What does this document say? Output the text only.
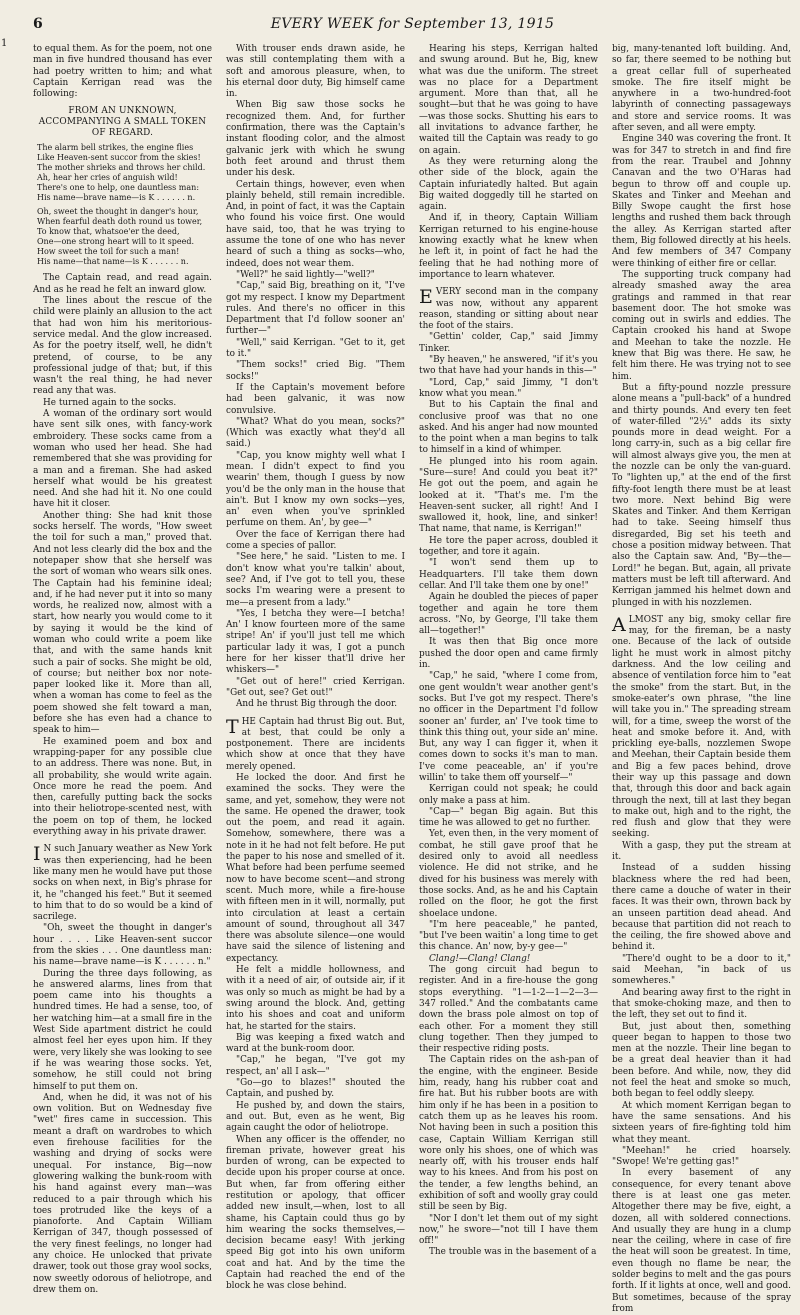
1
6	EVERY WEEK for September 13, 1915

to equal them. As for the poem, not one man in five hundred thousand has ever had poetry written to him; and what Captain Kerrigan read was the following:

FROM AN UNKNOWN, ACCOMPANYING A SMALL TOKEN OF REGARD.
The alarm bell strikes, the engine flies
Like Heaven-sent succor from the skies!
The mother shrieks and throws her child.
Ah, hear her cries of anguish wild!
There's one to help, one dauntless man:
His name—brave name—is K . . . . . . n.
Oh, sweet the thought in danger's hour,
When fearful death doth round us tower,
To know that, whatsoe'er the deed,
One—one strong heart will to it speed.
How sweet the toil for such a man!
His name—that name—is K . . . . . . n.

The Captain read, and read again. And as he read he felt an inward glow.

The lines about the rescue of the child were plainly an allusion to the act that had won him his meritorious-service medal. And the glow increased. As for the poetry itself, well, he didn't pretend, of course, to be any professional judge of that; but, if this wasn't the real thing, he had never read any that was.

He turned again to the socks.

A woman of the ordinary sort would have sent silk ones, with fancy-work embroidery. These socks came from a woman who used her head. She had remembered that she was providing for a man and a fireman. She had asked herself what would be his greatest need. And she had hit it. No one could have hit it closer.

Another thing: She had knit those socks herself. The words, "How sweet the toil for such a man," proved that. And not less clearly did the box and the notepaper show that she herself was the sort of woman who wears silk ones. The Captain had his feminine ideal; and, if he had never put it into so many words, he realized now, almost with a start, how nearly you would come to it by saying it would be the kind of woman who could write a poem like that, and with the same hands knit such a pair of socks. She might be old, of course; but neither box nor note-paper looked like it. More than all, when a woman has come to feel as the poem showed she felt toward a man, before she has even had a chance to speak to him—

He examined poem and box and wrapping-paper for any possible clue to an address. There was none. But, in all probability, she would write again. Once more he read the poem. And then, carefully putting back the socks into their heliotrope-scented nest, with the poem on top of them, he locked everything away in his private drawer.

I N such January weather as New York was then experiencing, had he been like many men he would have put those socks on when next, in Big's phrase for it, he "changed his feet." But it seemed to him that to do so would be a kind of sacrilege.

"Oh, sweet the thought in danger's hour . . . . Like Heaven-sent succor from the skies . . . One dauntless man: his name—brave name—is K . . . . . . n."

During the three days following, as he answered alarms, lines from that poem came into his thoughts a hundred times. He had a sense, too, of her watching him—at a small fire in the West Side apartment district he could almost feel her eyes upon him. If they were, very likely she was looking to see if he was wearing those socks. Yet, somehow, he still could not bring himself to put them on.

And, when he did, it was not of his own volition. But on Wednesday five "wet" fires came in succession. This meant a draft on wardrobes to which even firehouse facilities for the washing and drying of socks were unequal. For instance, Big—now glowering walking the bunk-room with his hand against every man—was reduced to a pair through which his toes protruded like the keys of a pianoforte. And Captain William Kerrigan of 347, though possessed of the very finest feelings, no longer had any choice. He unlocked that private drawer, took out those gray wool socks, now sweetly odorous of heliotrope, and drew them on.

With trouser ends drawn aside, he was still contemplating them with a soft and amorous pleasure, when, to his eternal door duty, Big himself came in.

When Big saw those socks he recognized them. And, for further confirmation, there was the Captain's instant flooding color, and the almost galvanic jerk with which he swung both feet around and thrust them under his desk.

Certain things, however, even when plainly beheld, still remain incredible. And, in point of fact, it was the Captain who found his voice first. One would have said, too, that he was trying to assume the tone of one who has never heard of such a thing as socks—who, indeed, does not wear them.

"Well?" he said lightly—"well?"

"Cap," said Big, breathing on it, "I've got my respect. I know my Department rules. And there's no officer in this Department that I'd follow sooner an' further—"

"Well," said Kerrigan. "Get to it, get to it."

"Them socks!" cried Big. "Them socks!"

If the Captain's movement before had been galvanic, it was now convulsive.

"What? What do you mean, socks?" (Which was exactly what they'd all said.)

"Cap, you know mighty well what I mean. I didn't expect to find you wearin' them, though I guess by now you'd be the only man in the house that ain't. But I know my own socks—yes, an' even when you've sprinkled perfume on them. An', by gee—"

Over the face of Kerrigan there had come a species of pallor.

"See here," he said. "Listen to me. I don't know what you're talkin' about, see? And, if I've got to tell you, these socks I'm wearing were a present to me—a present from a lady."

"Yes, I betcha they were—I betcha! An' I know fourteen more of the same stripe! An' if you'll just tell me which particular lady it was, I got a punch here for her kisser that'll drive her whiskers—"

"Get out of here!" cried Kerrigan. "Get out, see? Get out!"

And he thrust Big through the door.

THE Captain had thrust Big out. But, at best, that could be only a postponement. There are incidents which show at once that they have merely opened.

He locked the door. And first he examined the socks. They were the same, and yet, somehow, they were not the same. He opened the drawer, took out the poem, and read it again. Somehow, somewhere, there was a note in it he had not felt before. He put the paper to his nose and smelled of it. What before had been perfume seemed now to have become scent—and strong scent. Much more, while a fire-house with fifteen men in it will, normally, put into circulation at least a certain amount of sound, throughout all 347 there was absolute silence—one would have said the silence of listening and expectancy.

He felt a middle hollowness, and with it a need of air, of outside air, if it was only so much as might be had by a swing around the block. And, getting into his shoes and coat and uniform hat, he started for the stairs.

Big was keeping a fixed watch and ward at the bunk-room door.

"Cap," he began, "I've got my respect, an' all I ask—"

"Go—go to blazes!" shouted the Captain, and pushed by.

He pushed by, and down the stairs, and out. But, even as he went, Big again caught the odor of heliotrope.

When any officer is the offender, no fireman private, however great his burden of wrong, can be expected to decide upon his proper course at once. But when, far from offering either restitution or apology, that officer added new insult,—when, lost to all shame, his Captain could thus go by him wearing the socks themselves,—decision became easy! With jerking speed Big got into his own uniform coat and hat. And by the time the Captain had reached the end of the block he was close behind.

Hearing his steps, Kerrigan halted and swung around. But he, Big, knew what was due the uniform. The street was no place for a Department argument. More than that, all he sought—but that he was going to have—was those socks. Shutting his ears to all invitations to advance farther, he waited till the Captain was ready to go on again.

As they were returning along the other side of the block, again the Captain infuriatedly halted. But again Big waited doggedly till he started on again.

And if, in theory, Captain William Kerrigan returned to his engine-house knowing exactly what he knew when he left it, in point of fact he had the feeling that he had nothing more of importance to learn whatever.

EVERY second man in the company was now, without any apparent reason, standing or sitting about near the foot of the stairs.

"Gettin' colder, Cap," said Jimmy Tinker.

"By heaven," he answered, "if it's you two that have had your hands in this—"

"Lord, Cap," said Jimmy, "I don't know what you mean."

But to his Captain the final and conclusive proof was that no one asked. And his anger had now mounted to the point when a man begins to talk to himself in a kind of whimper.

He plunged into his room again. "Sure—sure! And could you beat it?" He got out the poem, and again he looked at it. "That's me. I'm the Heaven-sent sucker, all right! And I swallowed it, hook, line, and sinker! That name, that name, is Kerrigan!"

He tore the paper across, doubled it together, and tore it again.

"I won't send them up to Headquarters. I'll take them down cellar. And I'll take them one by one!"

Again he doubled the pieces of paper together and again he tore them across. "No, by George, I'll take them all—together!"

It was then that Big once more pushed the door open and came firmly in.

"Cap," he said, "where I come from, one gent wouldn't wear another gent's socks. But I've got my respect. There's no officer in the Department I'd follow sooner an' furder, an' I've took time to think this thing out, your side an' mine. But, any way I can figger it, when it comes down to socks it's man to man. I've come peaceable, an' if you're willin' to take them off yourself—"

Kerrigan could not speak; he could only make a pass at him.

"Cap—" began Big again. But this time he was allowed to get no further.

Yet, even then, in the very moment of combat, he still gave proof that he desired only to avoid all needless violence. He did not strike, and he dived for his business was merely with those socks. And, as he and his Captain rolled on the floor, he got the first shoelace undone.

"I'm here peaceable," he panted, "but I've been waitin' a long time to get this chance. An' now, by-y gee—"

Clang!—Clang! Clang!

The gong circuit had begun to register. And in a fire-house the gong stops everything. "1—1-2—1—2—3—347 rolled." And the combatants came down the brass pole almost on top of each other. For a moment they still clung together. Then they jumped to their respective riding posts.

The Captain rides on the ash-pan of the engine, with the engineer. Beside him, ready, hang his rubber coat and fire hat. But his rubber boots are with him only if he has been in a position to catch them up as he leaves his room. Not having been in such a position this case, Captain William Kerrigan still wore only his shoes, one of which was nearly off, with his trouser ends half way to his knees. And from his post on the tender, a few lengths behind, an exhibition of soft and woolly gray could still be seen by Big.

"Nor I don't let them out of my sight now," he swore—"not till I have them off!"

The trouble was in the basement of a

big, many-tenanted loft building. And, so far, there seemed to be nothing but a great cellar full of superheated smoke. The fire itself might be anywhere in a two-hundred-foot labyrinth of connecting passageways and store and service rooms. It was after seven, and all were empty.

Engine 340 was covering the front. It was for 347 to stretch in and find fire from the rear. Traubel and Johnny Canavan and the two O'Haras had begun to throw off and couple up. Skates and Tinker and Meehan and Billy Swope caught the first hose lengths and rushed them back through the alley. As Kerrigan started after them, Big followed directly at his heels. And few members of 347 Company were thinking of either fire or cellar.

The supporting truck company had already smashed away the area gratings and rammed in that rear basement door. The hot smoke was coming out in swirls and eddies. The Captain crooked his hand at Swope and Meehan to take the nozzle. He knew that Big was there. He saw, he felt him there. He was trying not to see him.

But a fifty-pound nozzle pressure alone means a "pull-back" of a hundred and thirty pounds. And every ten feet of water-filled "2½" adds its sixty pounds more in dead weight. For a long carry-in, such as a big cellar fire will almost always give you, the men at the nozzle can be only the van-guard. To "lighten up," at the end of the first fifty-foot length there must be at least two more. Next behind Big were Skates and Tinker. And them Kerrigan had to take. Seeing himself thus disregarded, Big set his teeth and chose a position midway between. That also the Captain saw. And, "By—the—Lord!" he began. But, again, all private matters must be left till afterward. And Kerrigan jammed his helmet down and plunged in with his nozzlemen.

ALMOST any big, smoky cellar fire may, for the fireman, be a nasty one. Because of the lack of outside light he must work in almost pitchy darkness. And the low ceiling and absence of ventilation force him to "eat the smoke" from the start. But, in the smoke-eater's own phrase, "the line will take you in." The spreading stream will, for a time, sweep the worst of the heat and smoke before it. And, with prickling eye-balls, nozzlemen Swope and Meehan, their Captain beside them and Big a few paces behind, drove their way up this passage and down that, through this door and back again through the next, till at last they began to make out, high and to the right, the red flush and glow that they were seeking.

With a gasp, they put the stream at it.

Instead of a sudden hissing blackness where the red had been, there came a douche of water in their faces. It was their own, thrown back by an unseen partition dead ahead. And because that partition did not reach to the ceiling, the fire showed above and behind it.

"There'd ought to be a door to it," said Meehan, "in back of us somewheres."

And bearing away first to the right in that smoke-choking maze, and then to the left, they set out to find it.

But, just about then, something queer began to happen to those two men at the nozzle. Their line began to be a great deal heavier than it had been before. And while, now, they did not feel the heat and smoke so much, both began to feel oddly sleepy.

At which moment Kerrigan began to have the same sensations. And his sixteen years of fire-fighting told him what they meant.

"Meehan!" he cried hoarsely. "Swope! We're getting gas!"

In every basement of any consequence, for every tenant above there is at least one gas meter. Altogether there may be five, eight, a dozen, all with soldered connections. And usually they are hung in a clump near the ceiling, where in case of fire the heat will soon be greatest. In time, even though no flame be near, the solder begins to melt and the gas pours forth. If it lights at once, well and good. But sometimes, because of the spray from
